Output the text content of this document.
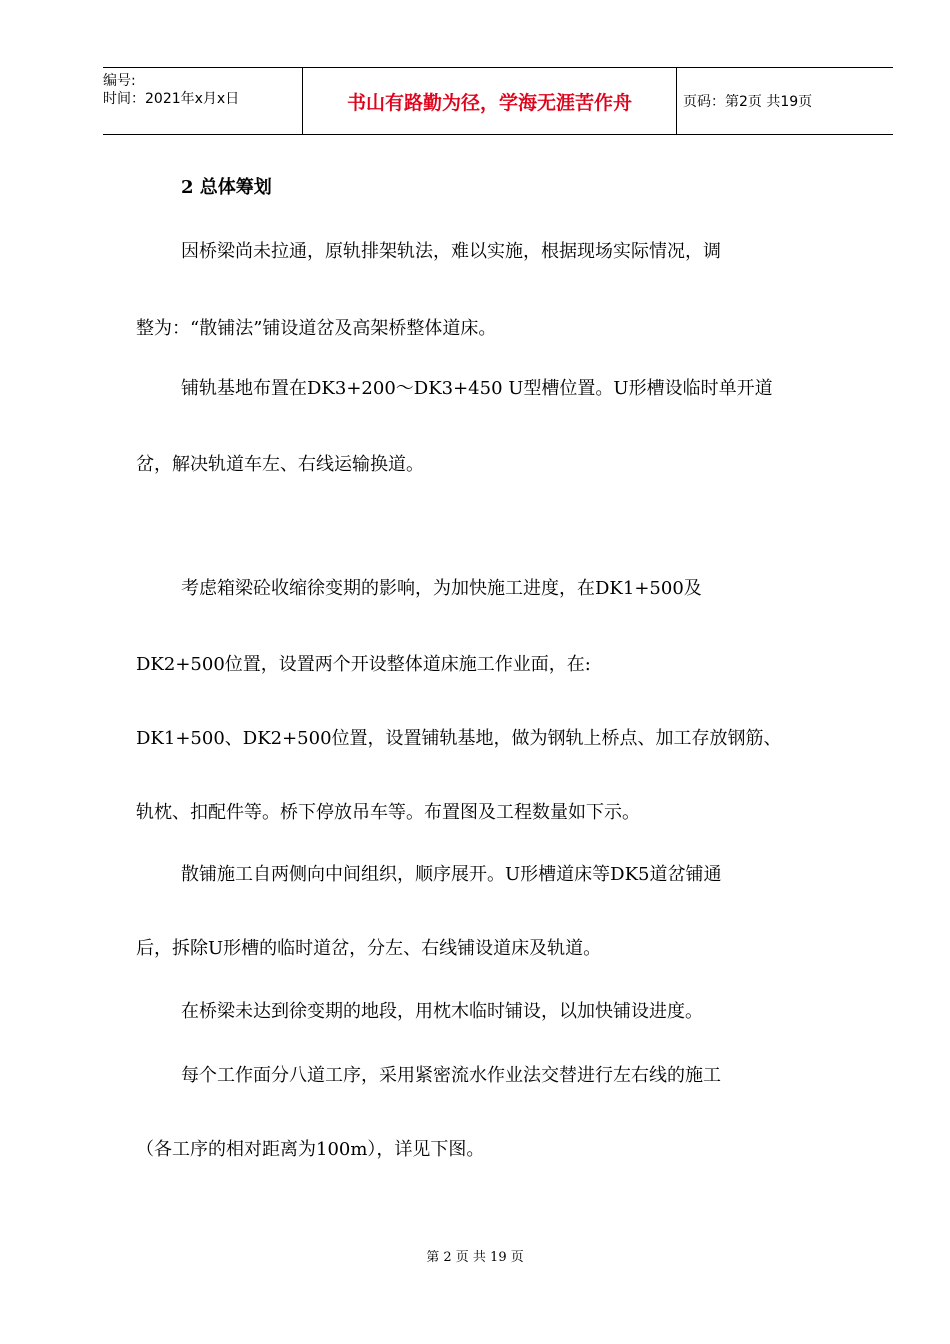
编号:
时间：2021年x月x日	书山有路勤为径，学海无涯苦作舟	页码：第2页 共19页
2 总体筹划
因桥梁尚未拉通，原轨排架轨法，难以实施，根据现场实际情况，调
整为：“散铺法”铺设道岔及高架桥整体道床。
铺轨基地布置在DK3+200～DK3+450 U型槽位置。U形槽设临时单开道
岔，解决轨道车左、右线运输换道。
考虑箱梁砼收缩徐变期的影响，为加快施工进度，在DK1+500及
DK2+500位置，设置两个开设整体道床施工作业面，在:
DK1+500、DK2+500位置，设置铺轨基地，做为钢轨上桥点、加工存放钢筋、
轨枕、扣配件等。桥下停放吊车等。布置图及工程数量如下示。
散铺施工自两侧向中间组织，顺序展开。U形槽道床等DK5道岔铺通
后，拆除U形槽的临时道岔，分左、右线铺设道床及轨道。
在桥梁未达到徐变期的地段，用枕木临时铺设，以加快铺设进度。
每个工作面分八道工序，采用紧密流水作业法交替进行左右线的施工
（各工序的相对距离为100m），详见下图。
第 2 页 共 19 页
